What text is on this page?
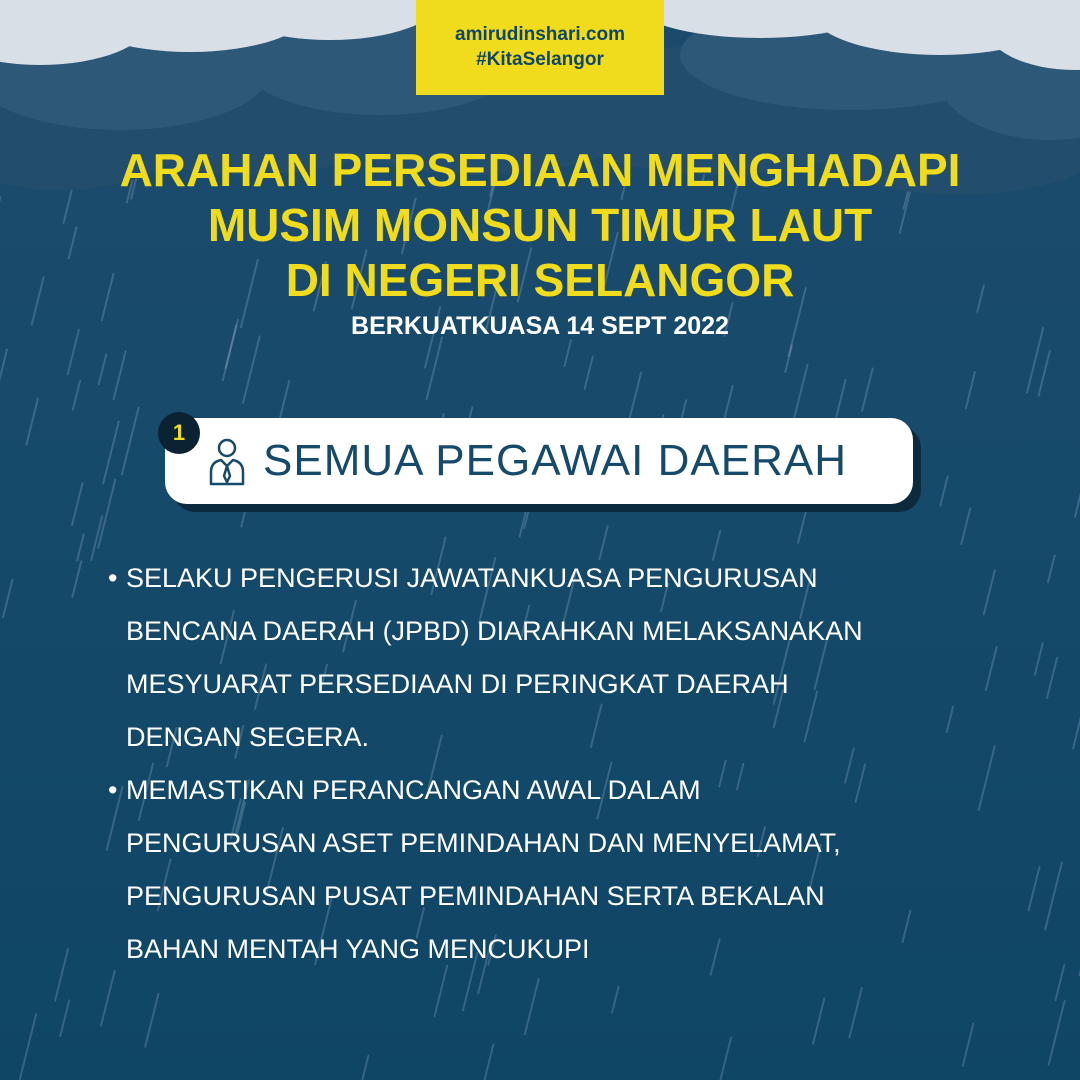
amirudinshari.com
#KitaSelangor
ARAHAN PERSEDIAAN MENGHADAPI
MUSIM MONSUN TIMUR LAUT
DI NEGERI SELANGOR
BERKUATKUASA 14 SEPT 2022
SEMUA PEGAWAI DAERAH
1
• SELAKU PENGERUSI JAWATANKUASA PENGURUSAN
BENCANA DAERAH (JPBD) DIARAHKAN MELAKSANAKAN
MESYUARAT PERSEDIAAN DI PERINGKAT DAERAH
DENGAN SEGERA.
• MEMASTIKAN PERANCANGAN AWAL DALAM
PENGURUSAN ASET PEMINDAHAN DAN MENYELAMAT,
PENGURUSAN PUSAT PEMINDAHAN SERTA BEKALAN
BAHAN MENTAH YANG MENCUKUPI
